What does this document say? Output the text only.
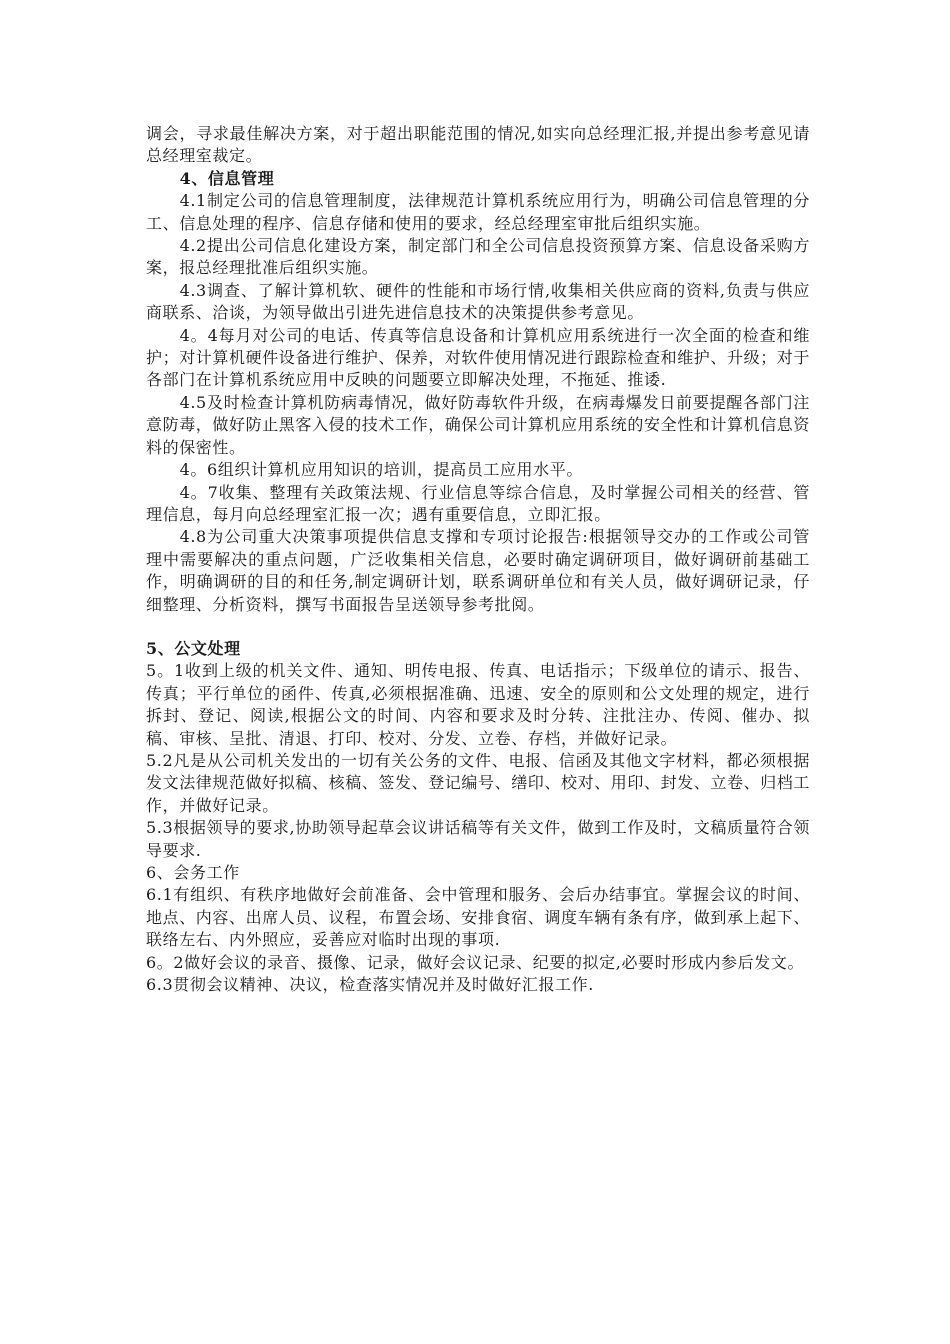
调会，寻求最佳解决方案，对于超出职能范围的情况,如实向总经理汇报,并提出参考意见请总经理室裁定。

4、信息管理

4.1制定公司的信息管理制度，法律规范计算机系统应用行为，明确公司信息管理的分工、信息处理的程序、信息存储和使用的要求，经总经理室审批后组织实施。

4.2提出公司信息化建设方案，制定部门和全公司信息投资预算方案、信息设备采购方案，报总经理批准后组织实施。

4.3调查、了解计算机软、硬件的性能和市场行情,收集相关供应商的资料,负责与供应商联系、洽谈，为领导做出引进先进信息技术的决策提供参考意见。

4。4每月对公司的电话、传真等信息设备和计算机应用系统进行一次全面的检查和维护；对计算机硬件设备进行维护、保养，对软件使用情况进行跟踪检查和维护、升级；对于各部门在计算机系统应用中反映的问题要立即解决处理，不拖延、推诿.

4.5及时检查计算机防病毒情况，做好防毒软件升级，在病毒爆发日前要提醒各部门注意防毒，做好防止黑客入侵的技术工作，确保公司计算机应用系统的安全性和计算机信息资料的保密性。

4。6组织计算机应用知识的培训，提高员工应用水平。

4。7收集、整理有关政策法规、行业信息等综合信息，及时掌握公司相关的经营、管理信息，每月向总经理室汇报一次；遇有重要信息，立即汇报。

4.8为公司重大决策事项提供信息支撑和专项讨论报告:根据领导交办的工作或公司管理中需要解决的重点问题，广泛收集相关信息，必要时确定调研项目，做好调研前基础工作，明确调研的目的和任务,制定调研计划，联系调研单位和有关人员，做好调研记录，仔细整理、分析资料，撰写书面报告呈送领导参考批阅。

5、公文处理

5。1收到上级的机关文件、通知、明传电报、传真、电话指示；下级单位的请示、报告、传真；平行单位的函件、传真,必须根据准确、迅速、安全的原则和公文处理的规定，进行拆封、登记、阅读,根据公文的时间、内容和要求及时分转、注批注办、传阅、催办、拟稿、审核、呈批、清退、打印、校对、分发、立卷、存档，并做好记录。

5.2凡是从公司机关发出的一切有关公务的文件、电报、信函及其他文字材料，都必须根据发文法律规范做好拟稿、核稿、签发、登记编号、缮印、校对、用印、封发、立卷、归档工作，并做好记录。

5.3根据领导的要求,协助领导起草会议讲话稿等有关文件，做到工作及时，文稿质量符合领导要求.

6、会务工作

6.1有组织、有秩序地做好会前准备、会中管理和服务、会后办结事宜。掌握会议的时间、地点、内容、出席人员、议程，布置会场、安排食宿、调度车辆有条有序，做到承上起下、联络左右、内外照应，妥善应对临时出现的事项.

6。2做好会议的录音、摄像、记录，做好会议记录、纪要的拟定,必要时形成内参后发文。

6.3贯彻会议精神、决议，检查落实情况并及时做好汇报工作.
